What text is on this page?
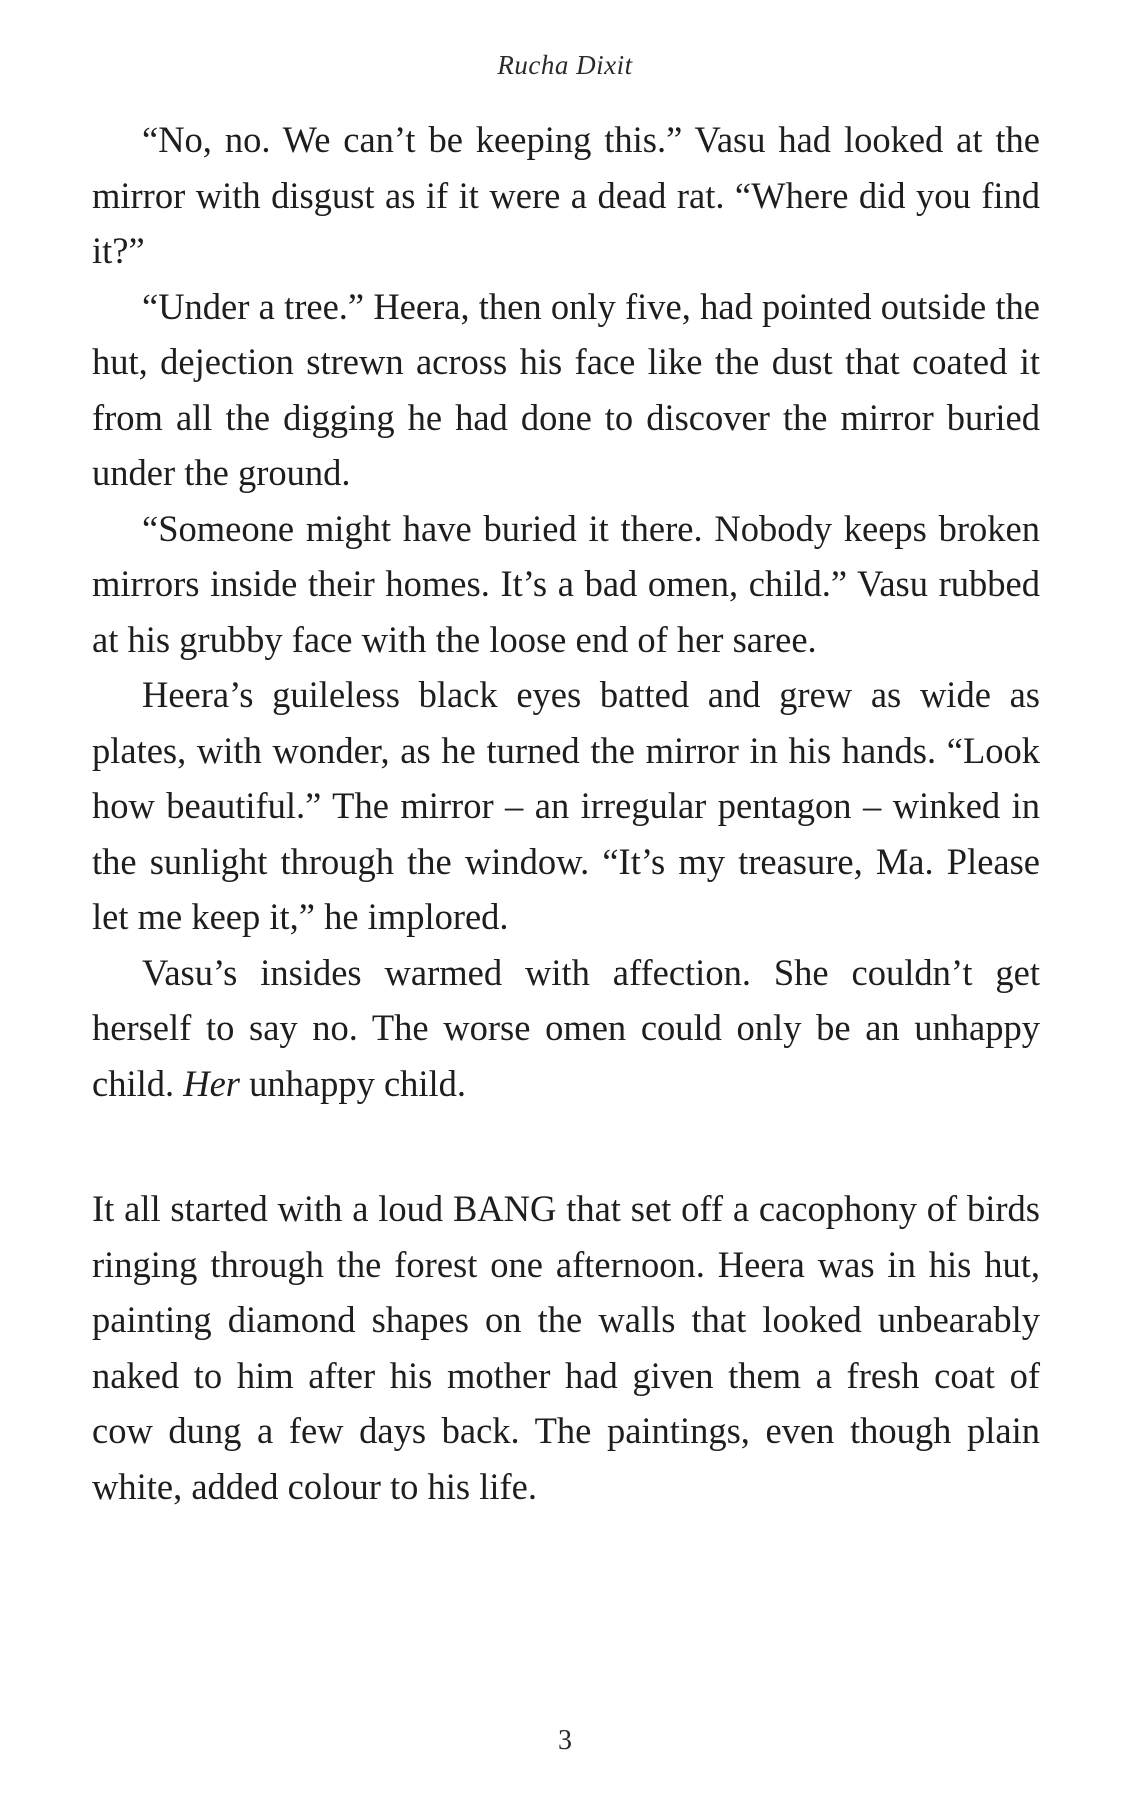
Rucha Dixit

“No, no. We can’t be keeping this.” Vasu had looked at the mirror with disgust as if it were a dead rat. “Where did you find it?”

“Under a tree.” Heera, then only five, had pointed outside the hut, dejection strewn across his face like the dust that coated it from all the digging he had done to discover the mirror buried under the ground.

“Someone might have buried it there. Nobody keeps broken mirrors inside their homes. It’s a bad omen, child.” Vasu rubbed at his grubby face with the loose end of her saree.

Heera’s guileless black eyes batted and grew as wide as plates, with wonder, as he turned the mirror in his hands. “Look how beautiful.” The mirror – an irregular pentagon – winked in the sunlight through the window. “It’s my treasure, Ma. Please let me keep it,” he implored.

Vasu’s insides warmed with affection. She couldn’t get herself to say no. The worse omen could only be an unhappy child. Her unhappy child.

It all started with a loud BANG that set off a cacophony of birds ringing through the forest one afternoon. Heera was in his hut, painting diamond shapes on the walls that looked unbearably naked to him after his mother had given them a fresh coat of cow dung a few days back. The paintings, even though plain white, added colour to his life.

3
